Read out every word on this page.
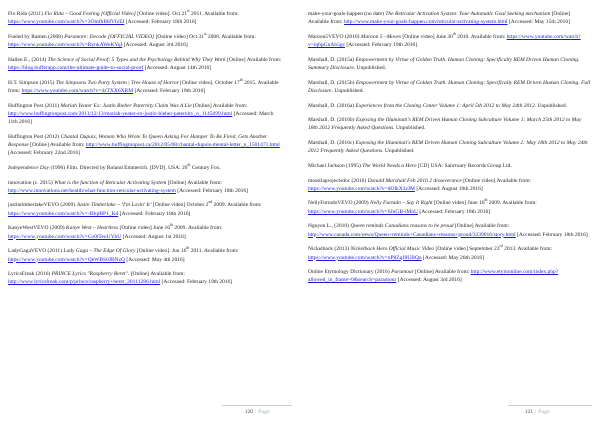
Flo Rida (2011) Flo Rida – Good Feeling [Official Video] [Online video]. Oct 21st 2011. Available from: https://www.youtube.com/watch?v=3OmfhBHVIzEI [Accessed: February 18th 2016]

Fueled by Ramen (2008) Paramore: Decode [OFFICIAL VIDEO] [Online video] Oct 31st 2008. Available from: https://www.youtube.com/watch?v=RvnkAWeKYqI [Accessed: August 3rd 2016]

Hallen E., (2014) The Science of Social Proof: 5 Types and the Psychology Behind Why They Work [Online] Available from: https://blog.bufferapp.com/the-ultimate-guide-to-social-proof [Accessed: August 14th 2016]

H.T. Simpson (2015) The Simpsons Two Party System | Tree House of Horror [Online video]. October 17th 2015. Available from: https://www.youtube.com/watch?v=4zTXX6XRM [Accessed: February 18th 2016]

Huffington Post (2011) Mariah Yeater Ex: Justin Bieber Paternity Claim Was A Lie [Online] Available from: http://www.huffingtonpost.com/2011/12/13/mariah-yeater-ex-justin-bieber-paternity_n_1145699.html [Accessed: March 11th 2016]

Huffington Post (2012) Chantal Dupuis, Woman Who Wrote To Queen Asking For Hamper To Be Fired, Gets Another Response [Online] Available from: http://www.huffingtonpost.ca/2012/05/08/chantal-dupuis-mental-letter_n_1501471.html [Accessed: February 22nd 2016]

Independence Day (1996) Film. Directed by Roland Emmerich. [DVD]. USA: 20th Century Fox.

innovation (c. 2015) What is the function of Reticular Activating System [Online] Available from: http://www.innovations.net/health/what-function-reticular-activating-system [Accessed: February 18th 2016]

justintimberlakeVEVO (2009) Justin Timberlake – ‘I'm Lovin' It’ [Online video] October 2nd 2009. Available from: https://www.youtube.com/watch?v=-BIqtBP1_Kd [Accessed: February 18th 2016]

KanyeWestVEVO (2009) Kanye West – Heartless [Online video] June 16th 2009. Available from: https://www.youtube.com/watch?v=Co0tTeuUYbU [Accessed: August 1st 2016]

LadyGagaVEVO (2011) Lady Gaga – The Edge Of Glory [Online video]. Jun 16th 2011. Available from: https://www.youtube.com/watch?v=QeWBS0JBNzQ [Accessed: May 4th 2016]

LyricsFreak (2016) PRINCE Lyrics "Raspberry Beret". [Online] Available from: http://www.lyricsfreak.com/p/prince/raspberry+beret_20111286.html [Accessed: February 19th 2016]

120 | Page

make-your-goals-happen (no date) The Reticular Activation System: Your Automatic Goal Seeking mechanism [Online] Available from: http://www.make-your-goals-happen.com/reticular-activating-system.html [Accessed: May 15th 2016]

Maroon5VEVO (2010) Maroon 5 –Moves [Online video] June 30th 2010. Available from: https://www.youtube.com/watch?v=iq6pGnAb5gc [Accessed: February 19th 2016]

Marshall, D. (2015a) Empowerment by Virtue of Golden Truth. Human Cloning: Specifically REM Driven Human Cloning. Summary Disclosure. Unpublished.

Marshall, D. (2015b) Empowerment by Virtue of Golden Truth. Human Cloning: Specifically REM Driven Human Cloning. Full Disclosure. Unpublished.

Marshall, D. (2016a) Experiences from the Cloning Center Volume 1: April 5th 2012 to May 24th 2012. Unpublished.

Marshall, D. (2016b) Exposing the Illuminati's REM Driven Human Cloning Subculture Volume 1: March 25th 2012 to May 18th 2012 Frequently Asked Questions. Unpublished.

Marshall, D. (2016c) Exposing the Illuminati's REM Driven Human Cloning Subculture Volume 2: May 18th 2012 to May 24th 2012 Frequently Asked Questions. Unpublished.

Michael Jackson (1995) The World Needs a Hero [CD] USA: Sanctuary Records Group Ltd.

mosstlaprojectsdoc (2016) Donald Marshall Feb 2016 2 disseverance [Online video] Available from: https://www.youtube.com/watch?v=dOlkX3zJM [Accessed: August 10th 2016]

NellyFurtadoVEVO (2009) Nelly Furtado – Say It Right [Online video] June 16th 2009. Available from: https://www.youtube.com/watch?v=6JnGB-iMnU [Accessed: February 18th 2016]

Nguyen L., (2010) Queen reminds Canadians reasons to be proud [Online] Available from: http://www.canada.com/news/Queen+reminds+Canadians+reasons+proud/3239016/story.html [Accessed: February 18th 2016]

Nickelback (2013) Nickelback Hero Official Music Video [Online video] September 23rd 2013. Available from: https://www.youtube.com/watch?v=nP8ZqJ8UBQo [Accessed: May 26th 2016]

Online Etymology Dictionary (2016) Paramour [Online] Available from: http://www.etymonline.com/index.php?allowed_in_frame=0&search=paramour [Accessed: August 3rd 2016]

121 | Page
